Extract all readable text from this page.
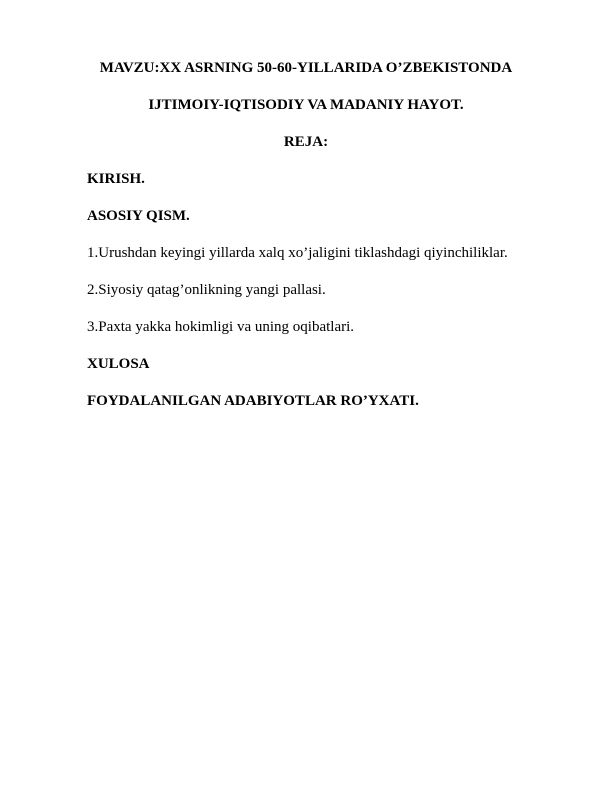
MAVZU:XX ASRNING 50-60-YILLARIDA O’ZBEKISTONDA
IJTIMOIY-IQTISODIY VA MADANIY HAYOT.
REJA:
KIRISH.
ASOSIY QISM.
1.Urushdan keyingi yillarda xalq xo’jaligini tiklashdagi qiyinchiliklar.
2.Siyosiy qatag’onlikning yangi pallasi.
3.Paxta yakka hokimligi va uning oqibatlari.
XULOSA
FOYDALANILGAN ADABIYOTLAR RO’YXATI.
